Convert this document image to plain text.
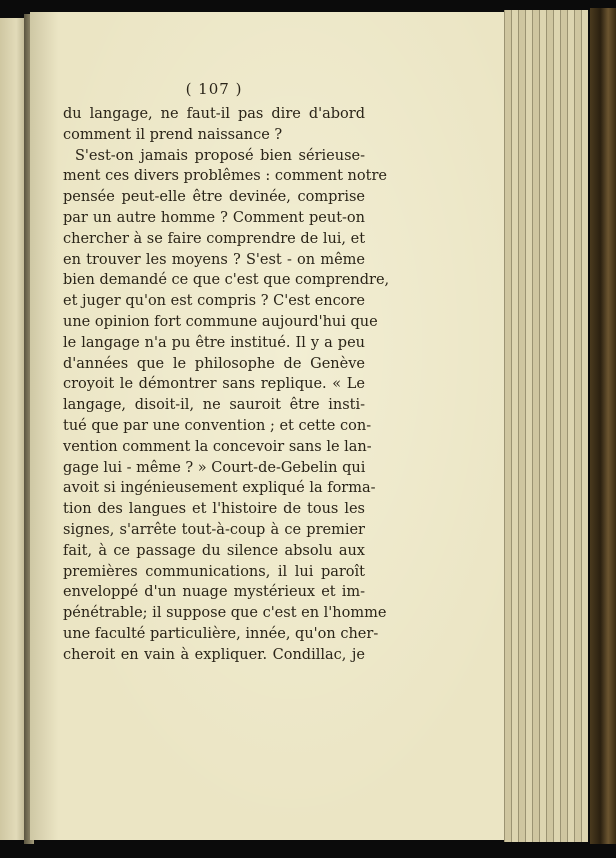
( 107 )
du langage, ne faut-il pas dire d'abord
comment il prend naissance ?
S'est-on jamais proposé bien sérieuse-
ment ces divers problêmes : comment notre
pensée peut-elle être devinée, comprise
par un autre homme ? Comment peut-on
chercher à se faire comprendre de lui, et
en trouver les moyens ? S'est - on même
bien demandé ce que c'est que comprendre,
et juger qu'on est compris ? C'est encore
une opinion fort commune aujourd'hui que
le langage n'a pu être institué. Il y a peu
d'années que le philosophe de Genève
croyoit le démontrer sans replique. « Le
langage, disoit-il, ne sauroit être insti-
tué que par une convention ; et cette con-
vention comment la concevoir sans le lan-
gage lui - même ? » Court-de-Gebelin qui
avoit si ingénieusement expliqué la forma-
tion des langues et l'histoire de tous les
signes, s'arrête tout-à-coup à ce premier
fait, à ce passage du silence absolu aux
premières communications, il lui paroît
enveloppé d'un nuage mystérieux et im-
pénétrable; il suppose que c'est en l'homme
une faculté particulière, innée, qu'on cher-
cheroit en vain à expliquer. Condillac, je
